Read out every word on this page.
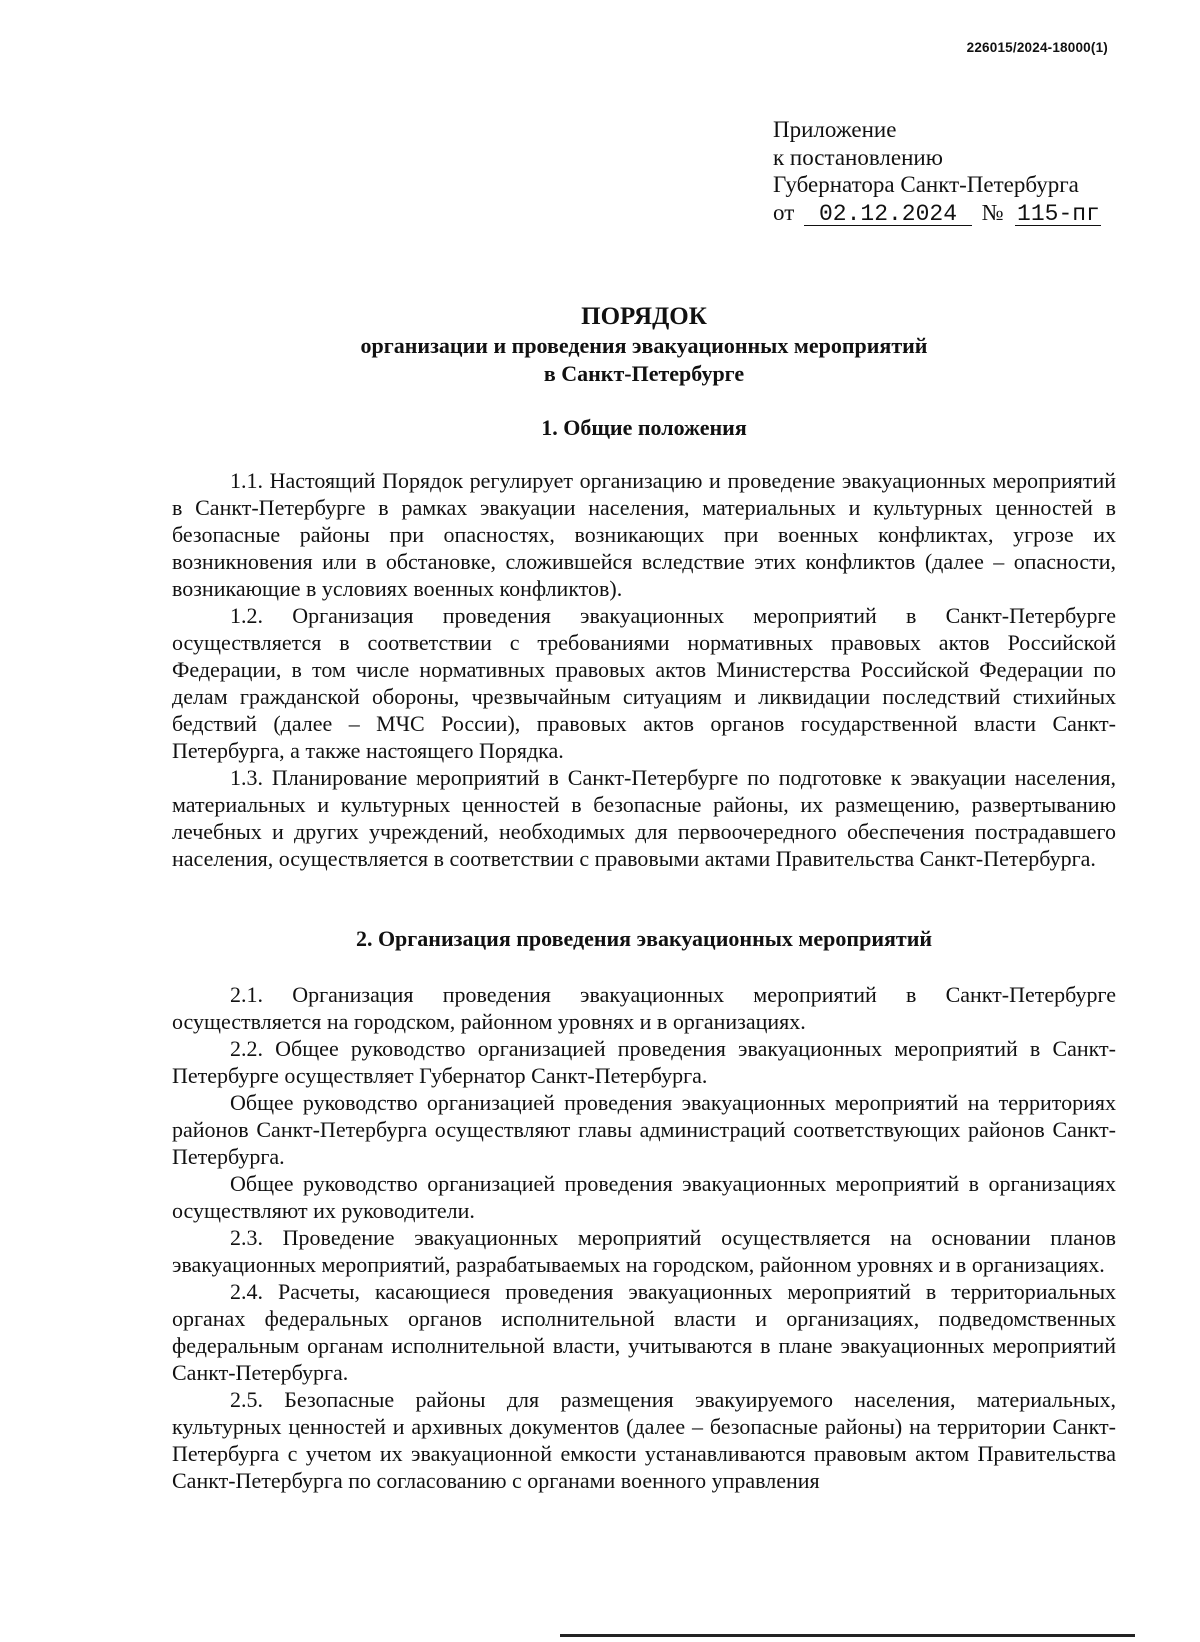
226015/2024-18000(1)
Приложение
к постановлению
Губернатора Санкт-Петербурга
от 02.12.2024 № 115-пг
ПОРЯДОК
организации и проведения эвакуационных мероприятий
в Санкт-Петербурге
1. Общие положения

1.1. Настоящий Порядок регулирует организацию и проведение эвакуационных мероприятий в Санкт-Петербурге в рамках эвакуации населения, материальных и культурных ценностей в безопасные районы при опасностях, возникающих при военных конфликтах, угрозе их возникновения или в обстановке, сложившейся вследствие этих конфликтов (далее – опасности, возникающие в условиях военных конфликтов).

1.2. Организация проведения эвакуационных мероприятий в Санкт-Петербурге осуществляется в соответствии с требованиями нормативных правовых актов Российской Федерации, в том числе нормативных правовых актов Министерства Российской Федерации по делам гражданской обороны, чрезвычайным ситуациям и ликвидации последствий стихийных бедствий (далее – МЧС России), правовых актов органов государственной власти Санкт-Петербурга, а также настоящего Порядка.

1.3. Планирование мероприятий в Санкт-Петербурге по подготовке к эвакуации населения, материальных и культурных ценностей в безопасные районы, их размещению, развертыванию лечебных и других учреждений, необходимых для первоочередного обеспечения пострадавшего населения, осуществляется в соответствии с правовыми актами Правительства Санкт-Петербурга.

2. Организация проведения эвакуационных мероприятий

2.1. Организация проведения эвакуационных мероприятий в Санкт-Петербурге осуществляется на городском, районном уровнях и в организациях.

2.2. Общее руководство организацией проведения эвакуационных мероприятий в Санкт-Петербурге осуществляет Губернатор Санкт-Петербурга.

Общее руководство организацией проведения эвакуационных мероприятий на территориях районов Санкт-Петербурга осуществляют главы администраций соответствующих районов Санкт-Петербурга.

Общее руководство организацией проведения эвакуационных мероприятий в организациях осуществляют их руководители.

2.3. Проведение эвакуационных мероприятий осуществляется на основании планов эвакуационных мероприятий, разрабатываемых на городском, районном уровнях и в организациях.

2.4. Расчеты, касающиеся проведения эвакуационных мероприятий в территориальных органах федеральных органов исполнительной власти и организациях, подведомственных федеральным органам исполнительной власти, учитываются в плане эвакуационных мероприятий Санкт-Петербурга.

2.5. Безопасные районы для размещения эвакуируемого населения, материальных, культурных ценностей и архивных документов (далее – безопасные районы) на территории Санкт-Петербурга с учетом их эвакуационной емкости устанавливаются правовым актом Правительства Санкт-Петербурга по согласованию с органами военного управления
